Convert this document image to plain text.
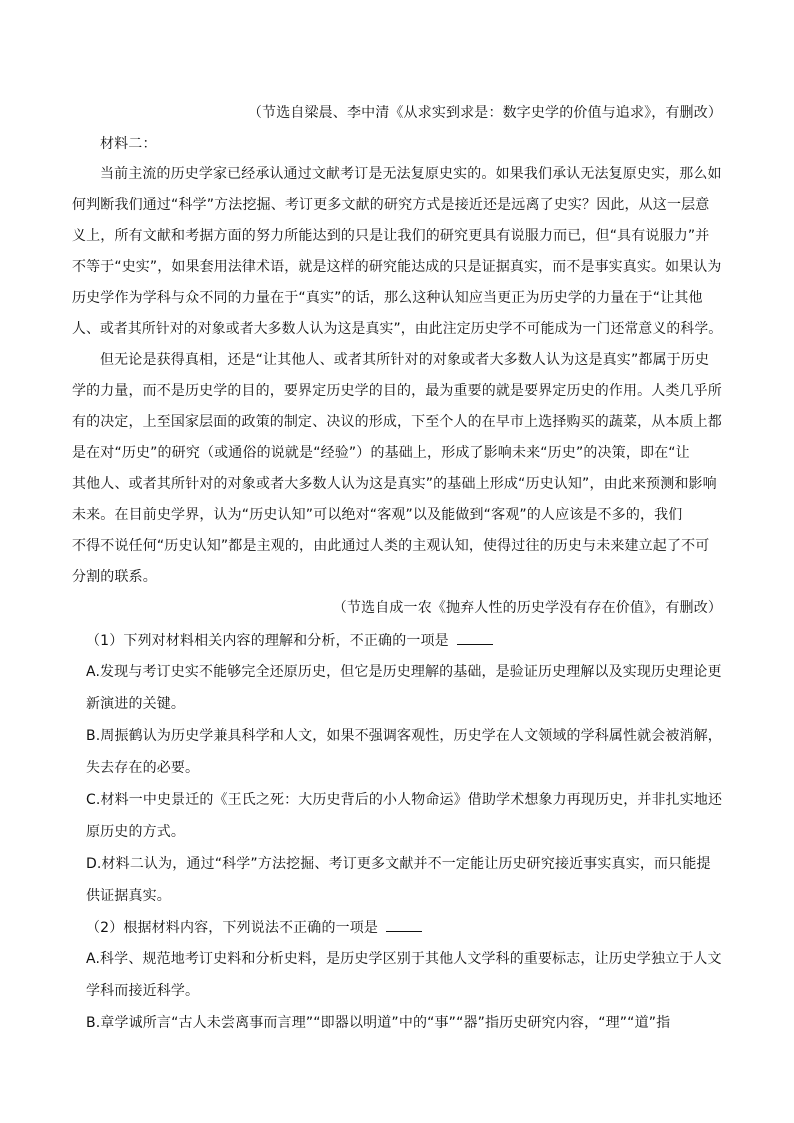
（节选自梁晨、李中清《从求实到求是：数字史学的价值与追求》，有删改）
材料二：
当前主流的历史学家已经承认通过文献考订是无法复原史实的。如果我们承认无法复原史实，那么如
何判断我们通过“科学”方法挖掘、考订更多文献的研究方式是接近还是远离了史实？因此，从这一层意
义上，所有文献和考据方面的努力所能达到的只是让我们的研究更具有说服力而已，但“具有说服力”并
不等于“史实”，如果套用法律术语，就是这样的研究能达成的只是证据真实，而不是事实真实。如果认为
历史学作为学科与众不同的力量在于“真实”的话，那么这种认知应当更正为历史学的力量在于“让其他
人、或者其所针对的对象或者大多数人认为这是真实”，由此注定历史学不可能成为一门还常意义的科学。
但无论是获得真相，还是“让其他人、或者其所针对的对象或者大多数人认为这是真实”都属于历史
学的力量，而不是历史学的目的，要界定历史学的目的，最为重要的就是要界定历史的作用。人类几乎所
有的决定，上至国家层面的政策的制定、决议的形成，下至个人的在早市上选择购买的蔬菜，从本质上都
是在对“历史”的研究（或通俗的说就是“经验”）的基础上，形成了影响未来“历史”的决策，即在“让
其他人、或者其所针对的对象或者大多数人认为这是真实”的基础上形成“历史认知”，由此来预测和影响
未来。在目前史学界，认为“历史认知”可以绝对“客观”以及能做到“客观”的人应该是不多的，我们
不得不说任何“历史认知”都是主观的，由此通过人类的主观认知，使得过往的历史与未来建立起了不可
分割的联系。
（节选自成一农《抛弃人性的历史学没有存在价值》，有删改）
（1）下列对材料相关内容的理解和分析，不正确的一项是
A.发现与考订史实不能够完全还原历史，但它是历史理解的基础，是验证历史理解以及实现历史理论更
新演进的关键。
B.周振鹤认为历史学兼具科学和人文，如果不强调客观性，历史学在人文领域的学科属性就会被消解，
失去存在的必要。
C.材料一中史景迁的《王氏之死：大历史背后的小人物命运》借助学术想象力再现历史，并非扎实地还
原历史的方式。
D.材料二认为，通过“科学”方法挖掘、考订更多文献并不一定能让历史研究接近事实真实，而只能提
供证据真实。
（2）根据材料内容，下列说法不正确的一项是
A.科学、规范地考订史料和分析史料，是历史学区别于其他人文学科的重要标志，让历史学独立于人文
学科而接近科学。
B.章学诚所言“古人未尝离事而言理”“即器以明道”中的“事”“器”指历史研究内容，“理”“道”指
